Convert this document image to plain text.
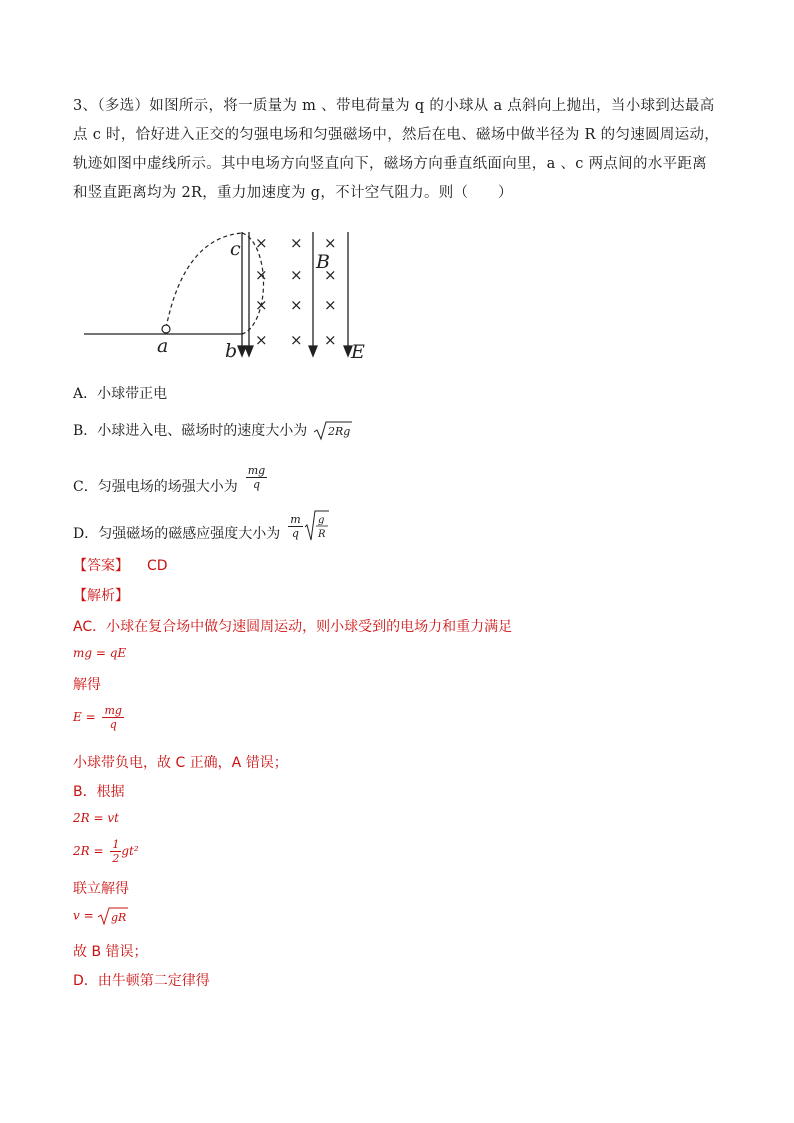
3、（多选）如图所示，将一质量为 m 、带电荷量为 q 的小球从 a 点斜向上抛出，当小球到达最高

点 c 时，恰好进入正交的匀强电场和匀强磁场中，然后在电、磁场中做半径为 R 的匀速圆周运动，

轨迹如图中虚线所示。其中电场方向竖直向下，磁场方向垂直纸面向里，a 、c 两点间的水平距离

和竖直距离均为 2R，重力加速度为 g，不计空气阻力。则（　　）

× × ×
× × ×
× × ×
× × ×
a	b
c
B
E
A．小球带正电
B．小球进入电、磁场时的速度大小为 2Rg
C．匀强电场的场强大小为 $\frac{mg}{q}$
D．匀强磁场的磁感应强度大小为 $\frac{m}{q}$ g
R
【答案】 CD
【解析】
AC．小球在复合场中做匀速圆周运动，则小球受到的电场力和重力满足
mg = qE
解得
$E = \frac{mg}{q}$
小球带负电，故 C 正确，A 错误；
B．根据
2R = vt
$2R = \frac{1}{2} gt^2$
联立解得
v = gR
故 B 错误；
D．由牛顿第二定律得
